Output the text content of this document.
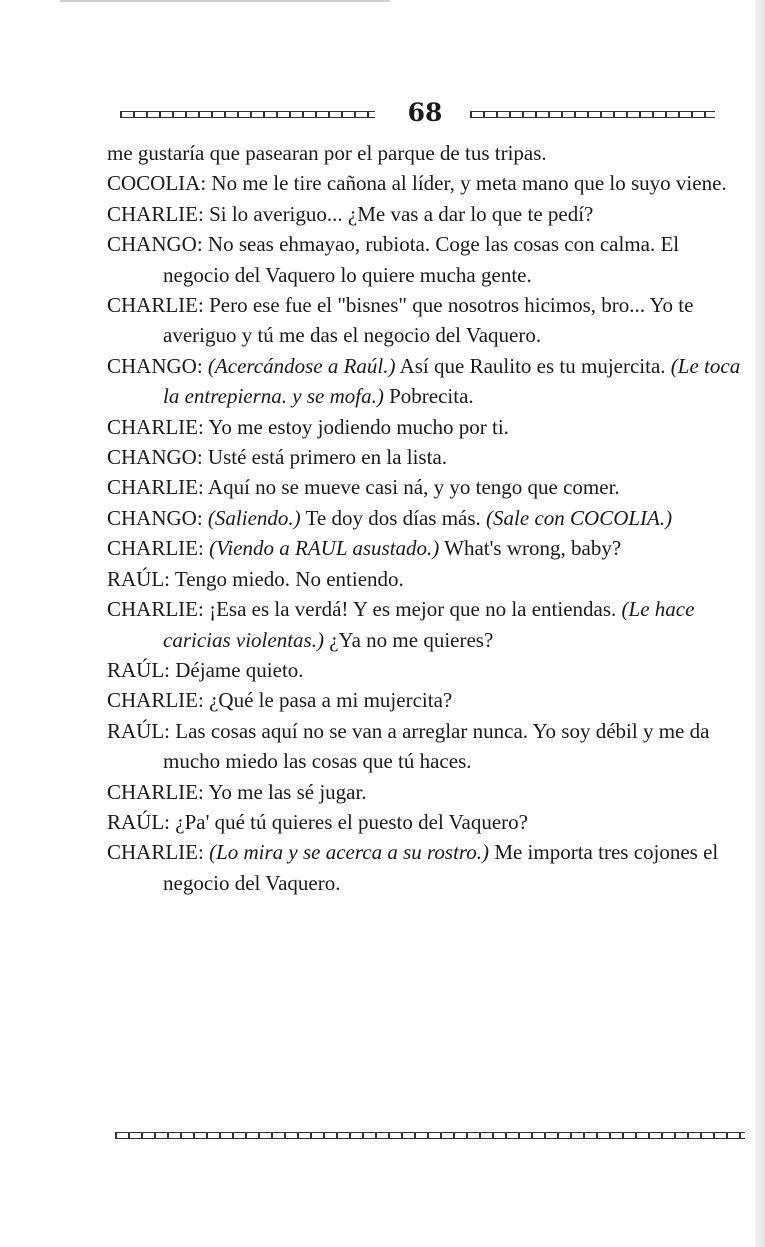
68
me gustaría que pasearan por el parque de tus tripas.
COCOLIA: No me le tire cañona al líder, y meta mano que lo suyo viene.
CHARLIE: Si lo averiguo... ¿Me vas a dar lo que te pedí?
CHANGO: No seas ehmayao, rubiota. Coge las cosas con calma. El negocio del Vaquero lo quiere mucha gente.
CHARLIE: Pero ese fue el "bisnes" que nosotros hicimos, bro... Yo te averiguo y tú me das el negocio del Vaquero.
CHANGO: (Acercándose a Raúl.) Así que Raulito es tu mujercita. (Le toca la entrepierna. y se mofa.) Pobrecita.
CHARLIE: Yo me estoy jodiendo mucho por ti.
CHANGO: Usté está primero en la lista.
CHARLIE: Aquí no se mueve casi ná, y yo tengo que comer.
CHANGO: (Saliendo.) Te doy dos días más. (Sale con COCOLIA.)
CHARLIE: (Viendo a RAUL asustado.) What's wrong, baby?
RAÚL: Tengo miedo. No entiendo.
CHARLIE: ¡Esa es la verdá! Y es mejor que no la entiendas. (Le hace caricias violentas.) ¿Ya no me quieres?
RAÚL: Déjame quieto.
CHARLIE: ¿Qué le pasa a mi mujercita?
RAÚL: Las cosas aquí no se van a arreglar nunca. Yo soy débil y me da mucho miedo las cosas que tú haces.
CHARLIE: Yo me las sé jugar.
RAÚL: ¿Pa' qué tú quieres el puesto del Vaquero?
CHARLIE: (Lo mira y se acerca a su rostro.) Me importa tres cojones el negocio del Vaquero.
